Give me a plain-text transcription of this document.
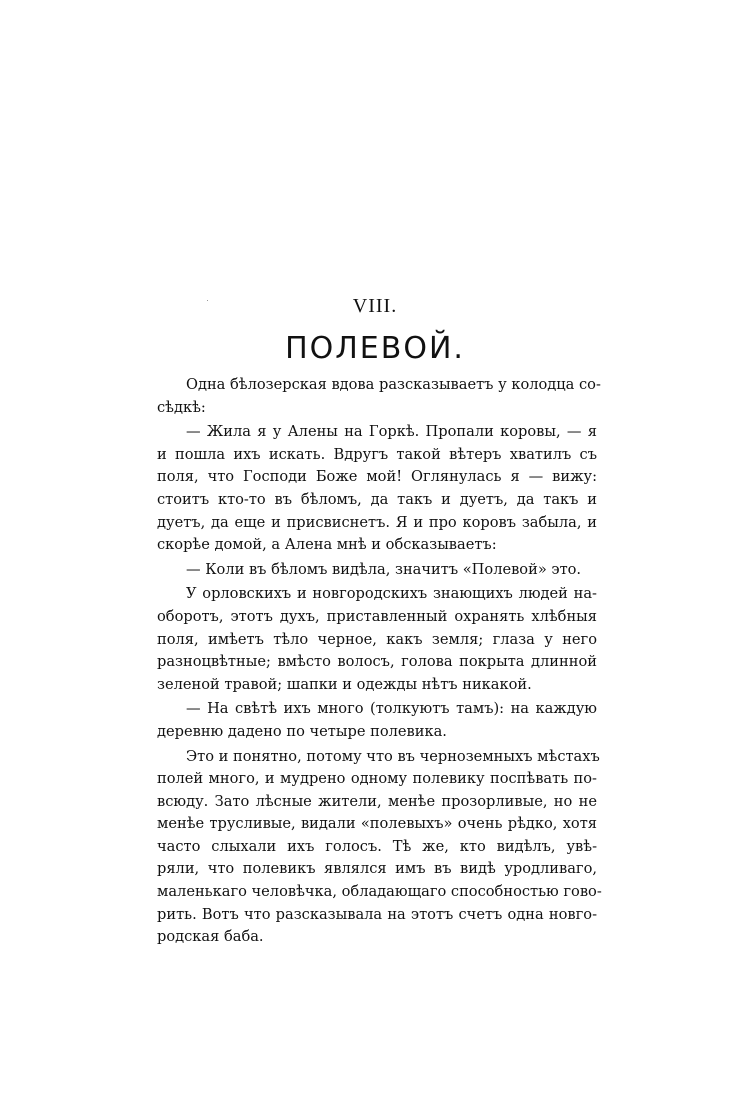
VIII.
ПОЛЕВОЙ.
Одна бѣлозерская вдова разсказываетъ у колодца со-
сѣдкѣ:
— Жила я у Алены на Горкѣ. Пропали коровы, — я
и пошла ихъ искать. Вдругъ такой вѣтеръ хватилъ съ
поля, что Господи Боже мой! Оглянулась я — вижу:
стоитъ кто-то въ бѣломъ, да такъ и дуетъ, да такъ и
дуетъ, да еще и присвиснетъ. Я и про коровъ забыла, и
скорѣе домой, а Алена мнѣ и обсказываетъ:
— Коли въ бѣломъ видѣла, значитъ «Полевой» это.
У орловскихъ и новгородскихъ знающихъ людей на-
оборотъ, этотъ духъ, приставленный охранять хлѣбныя
поля, имѣетъ тѣло черное, какъ земля; глаза у него
разноцвѣтные; вмѣсто волосъ, голова покрыта длинной
зеленой травой; шапки и одежды нѣтъ никакой.
— На свѣтѣ ихъ много (толкуютъ тамъ): на каждую
деревню дадено по четыре полевика.
Это и понятно, потому что въ черноземныхъ мѣстахъ
полей много, и мудрено одному полевику поспѣвать по-
всюду. Зато лѣсные жители, менѣе прозорливые, но не
менѣе трусливые, видали «полевыхъ» очень рѣдко, хотя
часто слыхали ихъ голосъ. Тѣ же, кто видѣлъ, увѣ-
ряли, что полевикъ являлся имъ въ видѣ уродливаго,
маленькаго человѣчка, обладающаго способностью гово-
рить. Вотъ что разсказывала на этотъ счетъ одна новго-
родская баба.
